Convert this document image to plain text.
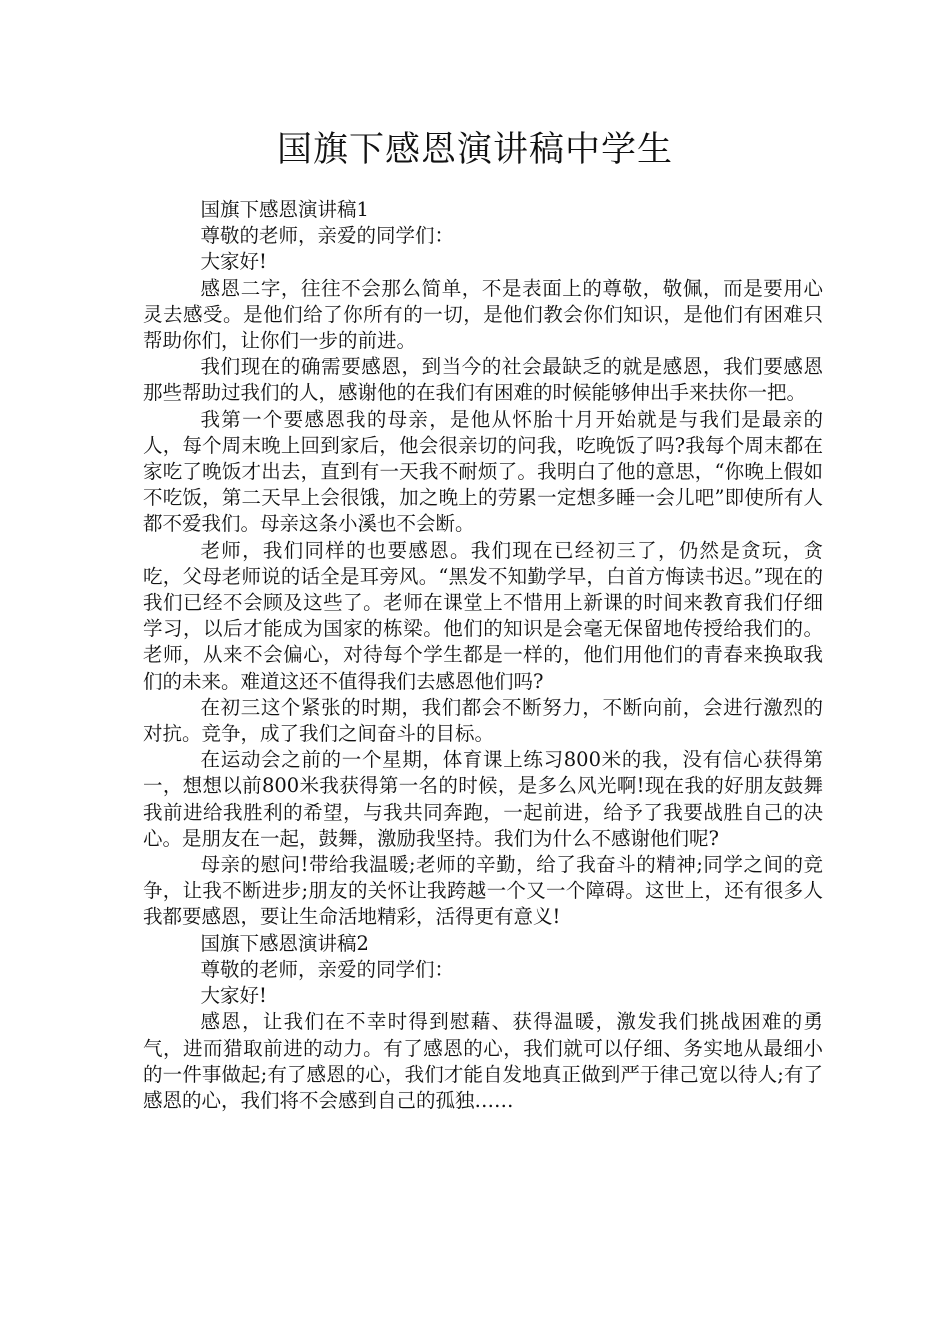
国旗下感恩演讲稿中学生

国旗下感恩演讲稿1

尊敬的老师，亲爱的同学们：

大家好!

感恩二字，往往不会那么简单，不是表面上的尊敬，敬佩，而是要用心灵去感受。是他们给了你所有的一切，是他们教会你们知识，是他们有困难只帮助你们，让你们一步的前进。

我们现在的确需要感恩，到当今的社会最缺乏的就是感恩，我们要感恩那些帮助过我们的人，感谢他的在我们有困难的时候能够伸出手来扶你一把。

我第一个要感恩我的母亲，是他从怀胎十月开始就是与我们是最亲的人，每个周末晚上回到家后，他会很亲切的问我，吃晚饭了吗?我每个周末都在家吃了晚饭才出去，直到有一天我不耐烦了。我明白了他的意思，“你晚上假如不吃饭，第二天早上会很饿，加之晚上的劳累一定想多睡一会儿吧”即使所有人都不爱我们。母亲这条小溪也不会断。

老师，我们同样的也要感恩。我们现在已经初三了，仍然是贪玩，贪吃，父母老师说的话全是耳旁风。“黑发不知勤学早，白首方悔读书迟。”现在的我们已经不会顾及这些了。老师在课堂上不惜用上新课的时间来教育我们仔细学习，以后才能成为国家的栋梁。他们的知识是会毫无保留地传授给我们的。老师，从来不会偏心，对待每个学生都是一样的，他们用他们的青春来换取我们的未来。难道这还不值得我们去感恩他们吗?

在初三这个紧张的时期，我们都会不断努力，不断向前，会进行激烈的对抗。竞争，成了我们之间奋斗的目标。

在运动会之前的一个星期，体育课上练习800米的我，没有信心获得第一，想想以前800米我获得第一名的时候，是多么风光啊!现在我的好朋友鼓舞我前进给我胜利的希望，与我共同奔跑，一起前进，给予了我要战胜自己的决心。是朋友在一起，鼓舞，激励我坚持。我们为什么不感谢他们呢?

母亲的慰问!带给我温暖;老师的辛勤，给了我奋斗的精神;同学之间的竞争，让我不断进步;朋友的关怀让我跨越一个又一个障碍。这世上，还有很多人我都要感恩，要让生命活地精彩，活得更有意义!

国旗下感恩演讲稿2

尊敬的老师，亲爱的同学们：

大家好!

感恩，让我们在不幸时得到慰藉、获得温暖，激发我们挑战困难的勇气，进而猎取前进的动力。有了感恩的心，我们就可以仔细、务实地从最细小的一件事做起;有了感恩的心，我们才能自发地真正做到严于律己宽以待人;有了感恩的心，我们将不会感到自己的孤独……
